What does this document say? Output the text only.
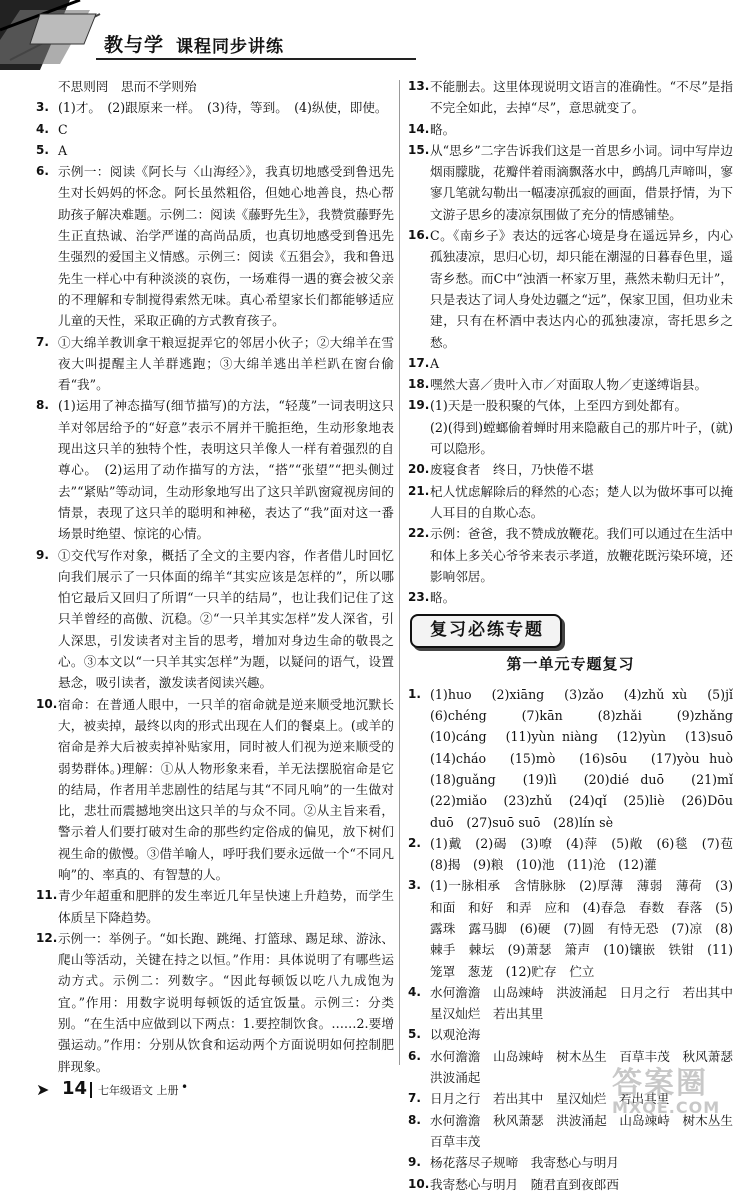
教与学 课程同步讲练
不思则罔　思而不学则殆
3. (1)才。　(2)跟原来一样。　(3)待，等到。　(4)纵使，即使。
4. C
5. A
6. 示例一：阅读《阿长与〈山海经〉》，我真切地感受到鲁迅先生对长妈妈的怀念。阿长虽然粗俗，但她心地善良，热心帮助孩子解决难题。示例二：阅读《藤野先生》，我赞赏藤野先生正直热诚、治学严谨的高尚品质，也真切地感受到鲁迅先生强烈的爱国主义情感。示例三：阅读《五猖会》，我和鲁迅先生一样心中有种淡淡的哀伤，一场难得一遇的赛会被父亲的不理解和专制搅得索然无味。真心希望家长们都能够适应儿童的天性，采取正确的方式教育孩子。
7. ①大绵羊教训拿干粮逗捉弄它的邻居小伙子；②大绵羊在雪夜大叫提醒主人羊群逃跑；③大绵羊逃出羊栏趴在窗台偷看“我”。
8. (1)运用了神态描写(细节描写)的方法，“轻蔑”一词表明这只羊对邻居给予的“好意”表示不屑并干脆拒绝，生动形象地表现出这只羊的独特个性，表明这只羊像人一样有着强烈的自尊心。　(2)运用了动作描写的方法，“搭”“张望”“把头侧过去”“紧贴”等动词，生动形象地写出了这只羊趴窗窥视房间的情景，表现了这只羊的聪明和神秘，表达了“我”面对这一番场景时绝望、惊诧的心情。
9. ①交代写作对象，概括了全文的主要内容，作者借儿时回忆向我们展示了一只体面的绵羊“其实应该是怎样的”，所以哪怕它最后又回归了所谓“一只羊的结局”，也让我们记住了这只羊曾经的高傲、沉稳。②“一只羊其实怎样”发人深省，引人深思，引发读者对主旨的思考，增加对身边生命的敬畏之心。③本文以“一只羊其实怎样”为题，以疑问的语气，设置悬念，吸引读者，激发读者阅读兴趣。
10. 宿命：在普通人眼中，一只羊的宿命就是逆来顺受地沉默长大，被卖掉，最终以肉的形式出现在人们的餐桌上。(或羊的宿命是养大后被卖掉补贴家用，同时被人们视为逆来顺受的弱势群体。)理解：①从人物形象来看，羊无法摆脱宿命是它的结局，作者用羊悲剧性的结尾与其“不同凡响”的一生做对比，悲壮而震撼地突出这只羊的与众不同。②从主旨来看，警示着人们要打破对生命的那些约定俗成的偏见，放下树们视生命的傲慢。③借羊喻人，呼吁我们要永远做一个“不同凡响”的、率真的、有智慧的人。
11. 青少年超重和肥胖的发生率近几年呈快速上升趋势，而学生体质呈下降趋势。
12. 示例一：举例子。“如长跑、跳绳、打篮球、踢足球、游泳、爬山等活动，关键在持之以恒。”作用：具体说明了有哪些运动方式。示例二：列数字。“因此每顿饭以吃八九成饱为宜。”作用：用数字说明每顿饭的适宜饭量。示例三：分类别。“在生活中应做到以下两点：1.要控制饮食。……2.要增强运动。”作用：分别从饮食和运动两个方面说明如何控制肥胖现象。
13. 不能删去。这里体现说明文语言的准确性。“不尽”是指不完全如此，去掉“尽”，意思就变了。
14. 略。
15. 从“思乡”二字告诉我们这是一首思乡小词。词中写岸边烟雨朦胧，花瓣伴着雨滴飘落水中，鹧鸪几声啼叫，寥寥几笔就勾勒出一幅凄凉孤寂的画面，借景抒情，为下文游子思乡的凄凉氛围做了充分的情感铺垫。
16. C。《南乡子》表达的远客心境是身在遥远异乡，内心孤独凄凉，思归心切，却只能在潮湿的日暮春色里，遥寄乡愁。而C中“浊酒一杯家万里，燕然未勒归无计”，只是表达了词人身处边疆之“远”，保家卫国，但功业未建，只有在杯酒中表达内心的孤独凄凉，寄托思乡之愁。
17. A
18. 嘿然大喜／贵叶入市／对面取人物／吏遂缚诣县。
19. (1)天是一股积聚的气体，上至四方到处都有。
(2)(得到)螳螂偷着蝉时用来隐蔽自己的那片叶子，(就)可以隐形。
20. 废寝食者　终日，乃快倦不堪
21. 杞人忧虑解除后的释然的心态；楚人以为做坏事可以掩人耳目的自欺心态。
22. 示例：爸爸，我不赞成放鞭花。我们可以通过在生活中和体上多关心爷爷来表示孝道，放鞭花既污染环境，还影响邻居。
23. 略。
复习必练专题
第一单元专题复习
1. (1)huo　(2)xiāng　(3)zǎo　(4)zhǔ xù　(5)jǐ　(6)chéng　(7)kān　(8)zhǎi　(9)zhǎng　(10)cáng　(11)yùn niàng　(12)yùn　(13)suō　(14)cháo　(15)mò　(16)sōu　(17)yòu huò　(18)guǎng　(19)lì　(20)dié duō　(21)mǐ　(22)miǎo　(23)zhǔ　(24)qǐ　(25)liè　(26)Dōu duō　(27)suō suō　(28)lín sè
2. (1)戴　(2)碣　(3)嘹　(4)萍　(5)敞　(6)毯　(7)苞　(8)揭　(9)粮　(10)池　(11)沧　(12)灌
3. (1)一脉相承　含情脉脉　(2)厚薄　薄弱　薄荷　(3)和面　和好　和弄　应和　(4)春急　春数　春落　(5)露珠　露马脚　(6)硬　(7)圆　有恃无恐　(7)凉　(8)棘手　棘坛　(9)萧瑟　箫声　(10)镶嵌　铁钳　(11)笼罩　葱茏　(12)贮存　伫立
4. 水何澹澹　山岛竦峙　洪波涌起　日月之行　若出其中　星汉灿烂　若出其里
5. 以观沧海
6. 水何澹澹　山岛竦峙　树木丛生　百草丰茂　秋风萧瑟　洪波涌起
7. 日月之行　若出其中　星汉灿烂　若出其里
8. 水何澹澹　秋风萧瑟　洪波涌起　山岛竦峙　树木丛生　百草丰茂
9. 杨花落尽子规啼　我寄愁心与明月
10. 我寄愁心与明月　随君直到夜郎西
➤ 14 七年级语文 上册 •	答案圈
MXQE.COM
